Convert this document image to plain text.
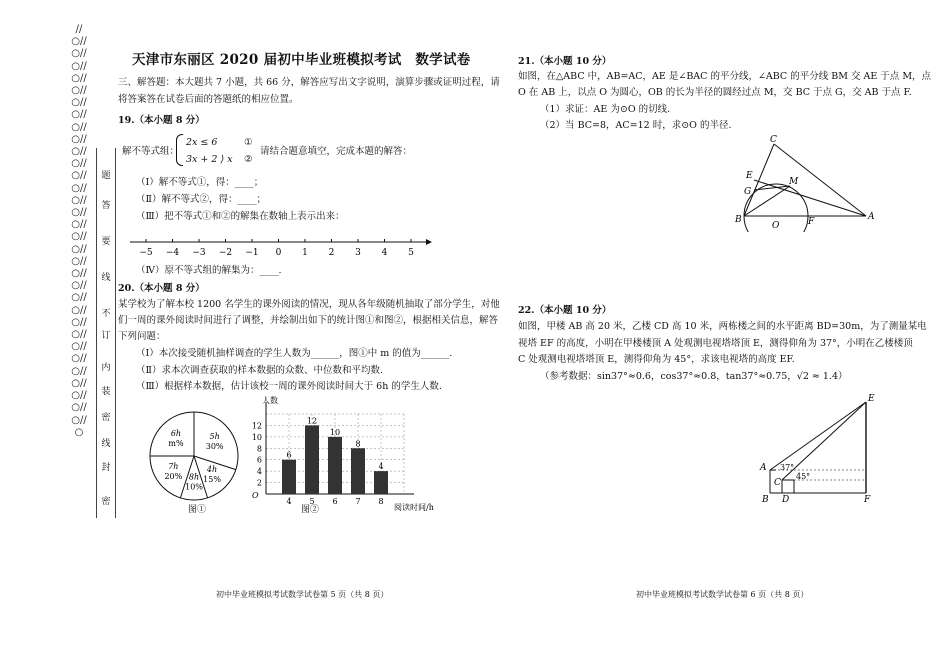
//○//○//○//○//○//○//○//○//○//○//○//○//○//○//○//○//○//○//○//○//○//○//○//○//○//○//○//○//○//○//○//○//○
题
答
要
线
不
订
内
装
密
线
封
密
天津市东丽区 2020 届初中毕业班模拟考试　数学试卷
三、解答题：本大题共 7 小题，共 66 分，解答应写出文字说明，演算步骤或证明过程，请
将答案答在试卷后面的答题纸的相应位置。
19.（本小题 8 分）
解不等式组：
2x ≤ 6
3x + 2 ⟩ x
①
②
请结合题意填空，完成本题的解答：
（Ⅰ）解不等式①，得：____；
（Ⅱ）解不等式②，得：____；
（Ⅲ）把不等式①和②的解集在数轴上表示出来：
−5 −4 −3 −2 −1 0 1 2 3 4 5
（Ⅳ）原不等式组的解集为：____.
20.（本小题 8 分）
某学校为了解本校 1200 名学生的课外阅读的情况，现从各年级随机抽取了部分学生，对他
们一周的课外阅读时间进行了调整，并绘制出如下的统计图①和图②，根据相关信息，解答
下列问题：
（Ⅰ）本次接受随机抽样调查的学生人数为______，图①中 m 的值为______.
（Ⅱ）求本次调查获取的样本数据的众数、中位数和平均数.
（Ⅲ）根据样本数据，估计该校一周的课外阅读时间大于 6h 的学生人数.
5h
30%
4h
15%
8h
10%
7h
20%
6h
m%
图①
人数
阅读时间/h
O
2
4
6
8
10
12
6
4
12
5
10
6
8
7
4
8
图②
初中毕业班模拟考试数学试卷第 5 页（共 8 页）
21.（本小题 10 分）
如图，在△ABC 中，AB=AC，AE 是∠BAC 的平分线，∠ABC 的平分线 BM 交 AE 于点 M，点
O 在 AB 上，以点 O 为圆心，OB 的长为半径的圆经过点 M，交 BC 于点 G，交 AB 于点 F.
（1）求证：AE 为⊙O 的切线.
（2）当 BC=8，AC=12 时，求⊙O 的半径.
C
E
M
G
B
O	F	A
22.（本小题 10 分）
如图，甲楼 AB 高 20 米，乙楼 CD 高 10 米，两栋楼之间的水平距离 BD=30m，为了测量某电
视塔 EF 的高度，小明在甲楼楼顶 A 处观测电视塔塔顶 E，测得仰角为 37°，小明在乙楼楼顶
C 处观测电视塔塔顶 E，测得仰角为 45°，求该电视塔的高度 EF.
（参考数据：sin37°≈0.6，cos37°≈0.8，tan37°≈0.75，√2 ≈ 1.4）
E
A
C
B D	F
37°
45°
初中毕业班模拟考试数学试卷第 6 页（共 8 页）
